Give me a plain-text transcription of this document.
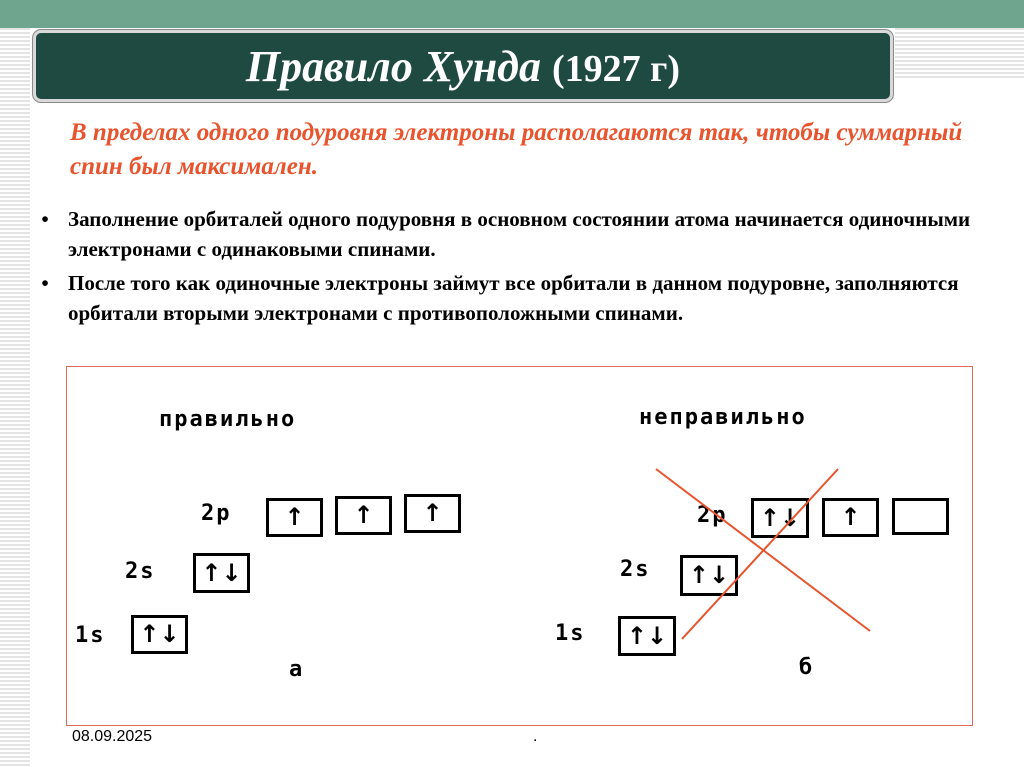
Правило Хунда (1927 г)
В пределах одного подуровня электроны располагаются так, чтобы суммарный спин был максимален.
• Заполнение орбиталей одного подуровня в основном состоянии атома начинается одиночными электронами с одинаковыми спинами.
• После того как одиночные электроны займут все орбитали в данном подуровне, заполняются орбитали вторыми электронами с противоположными спинами.
правильно	неправильно
2p	↑	↑	↑
2s	↑↓
1s	↑↓
а
2p	↑↓	↑
2s	↑↓
1s	↑↓
б
08.09.2025	.
